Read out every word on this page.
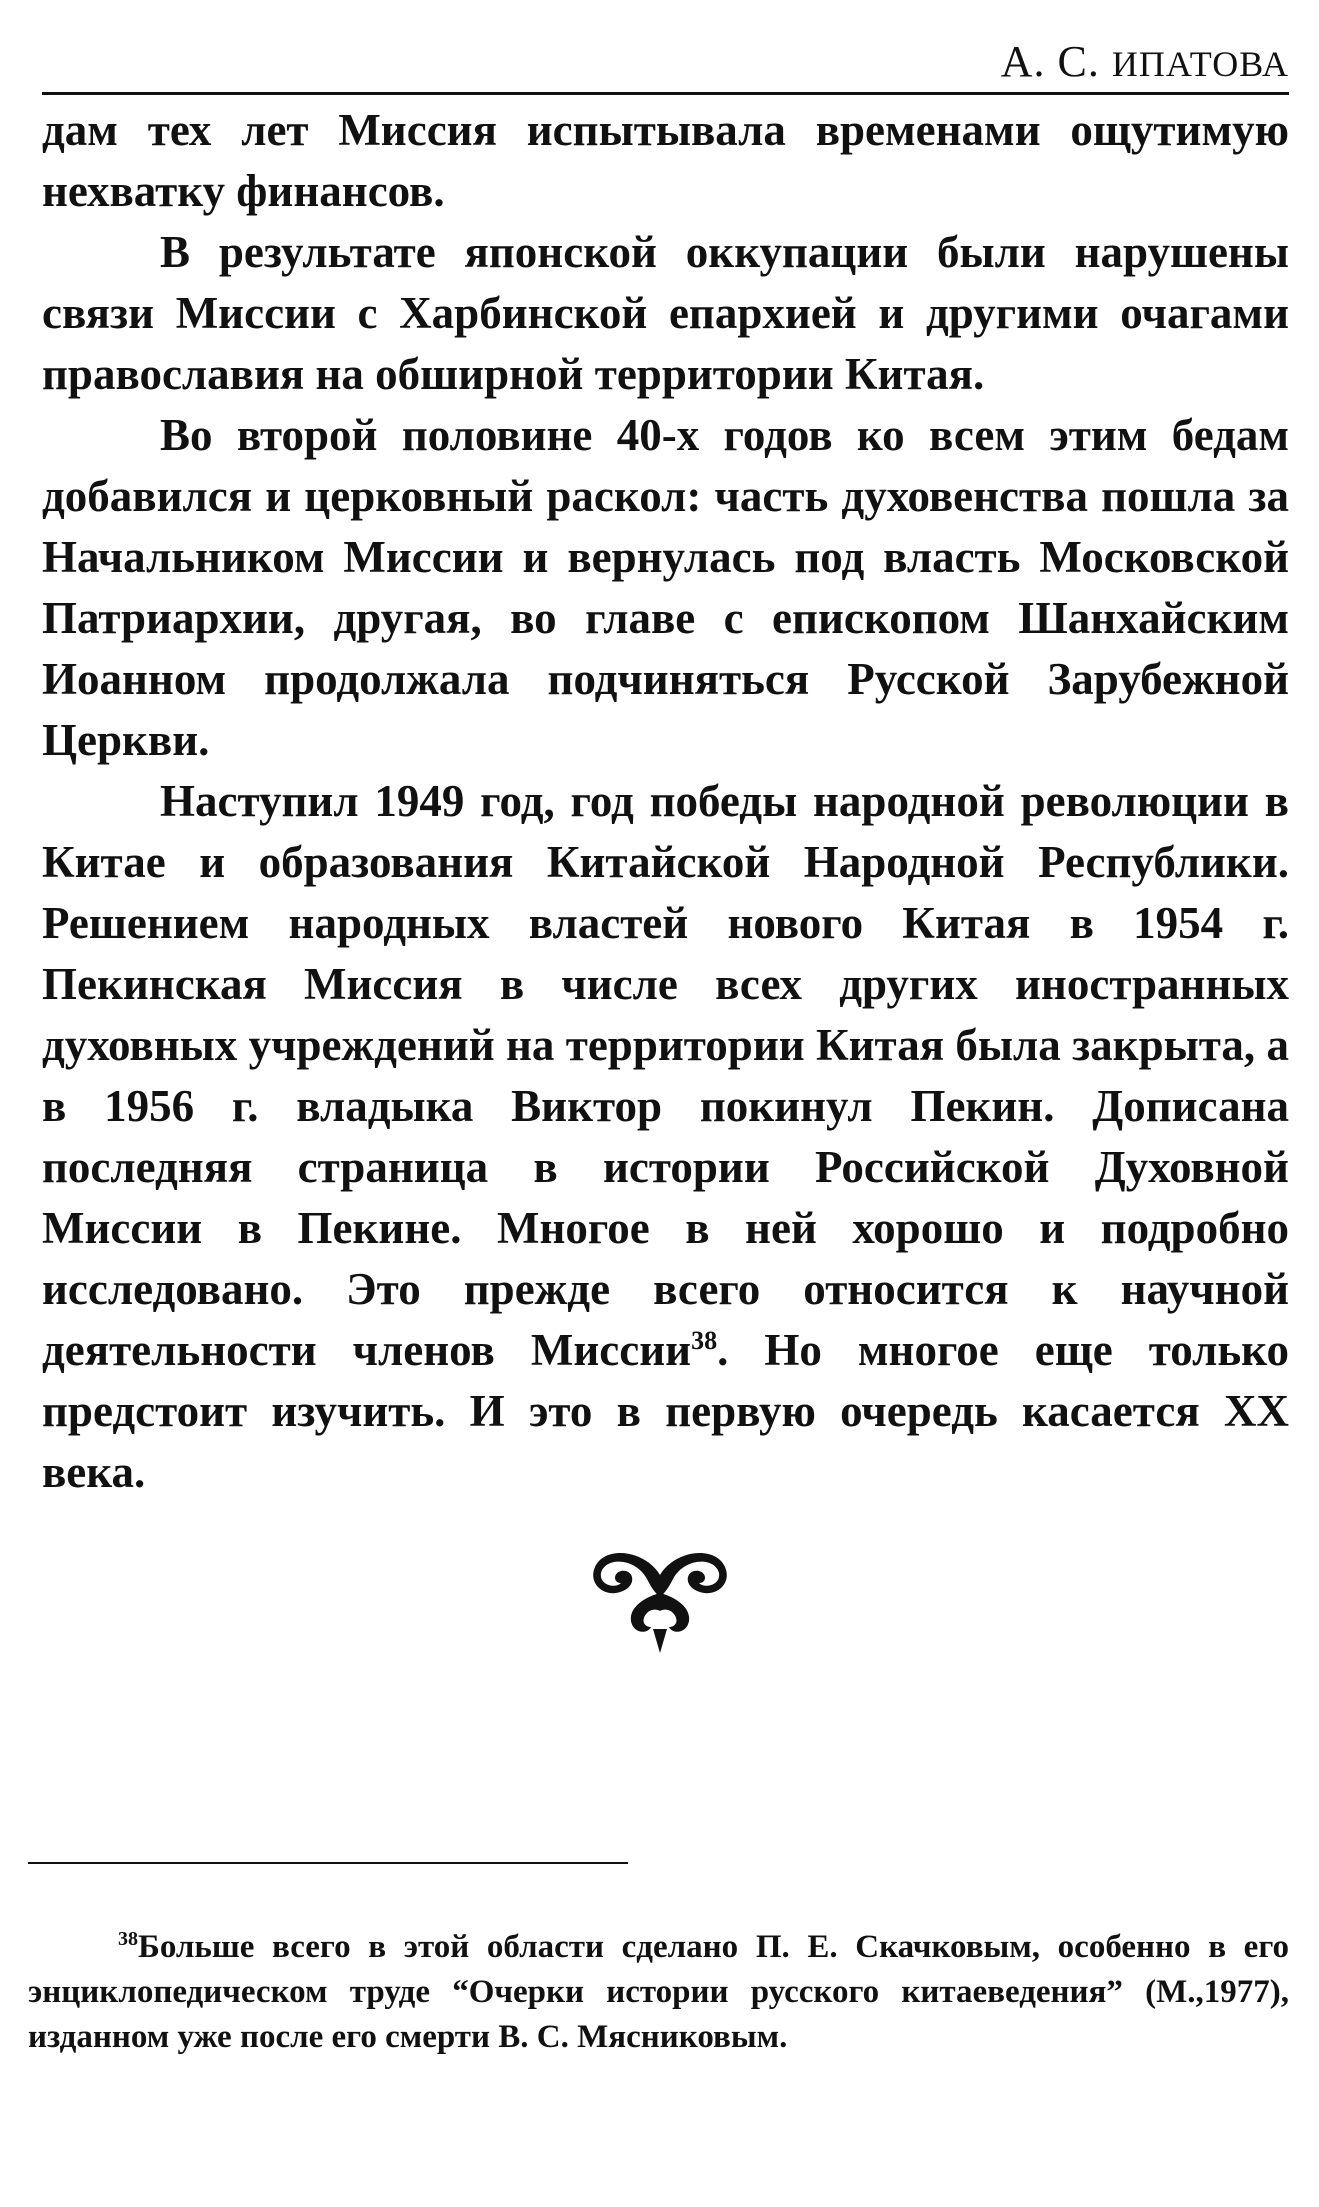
А. С. ИПАТОВА

дам тех лет Миссия испытывала временами ощутимую нехватку финансов.

В результате японской оккупации были нарушены связи Миссии с Харбинской епархией и другими очагами православия на обширной территории Китая.

Во второй половине 40-х годов ко всем этим бедам добавился и церковный раскол: часть духовенства пошла за Начальником Миссии и вернулась под власть Московской Патриархии, другая, во главе с епископом Шанхайским Иоанном продолжала подчиняться Русской Зарубежной Церкви.

Наступил 1949 год, год победы народной революции в Китае и образования Китайской Народной Республики. Решением народных властей нового Китая в 1954 г. Пекинская Миссия в числе всех других иностранных духовных учреждений на территории Китая была закрыта, а в 1956 г. владыка Виктор покинул Пекин. Дописана последняя страница в истории Российской Духовной Миссии в Пекине. Многое в ней хорошо и подробно исследовано. Это прежде всего относится к научной деятельности членов Миссии$^{38}$. Но многое еще только предстоит изучить. И это в первую очередь касается XX века.

$^{38}$Больше всего в этой области сделано П. Е. Скачковым, особенно в его энциклопедическом труде “Очерки истории русского китаеведения” (М.,1977), изданном уже после его смерти В. С. Мясниковым.
